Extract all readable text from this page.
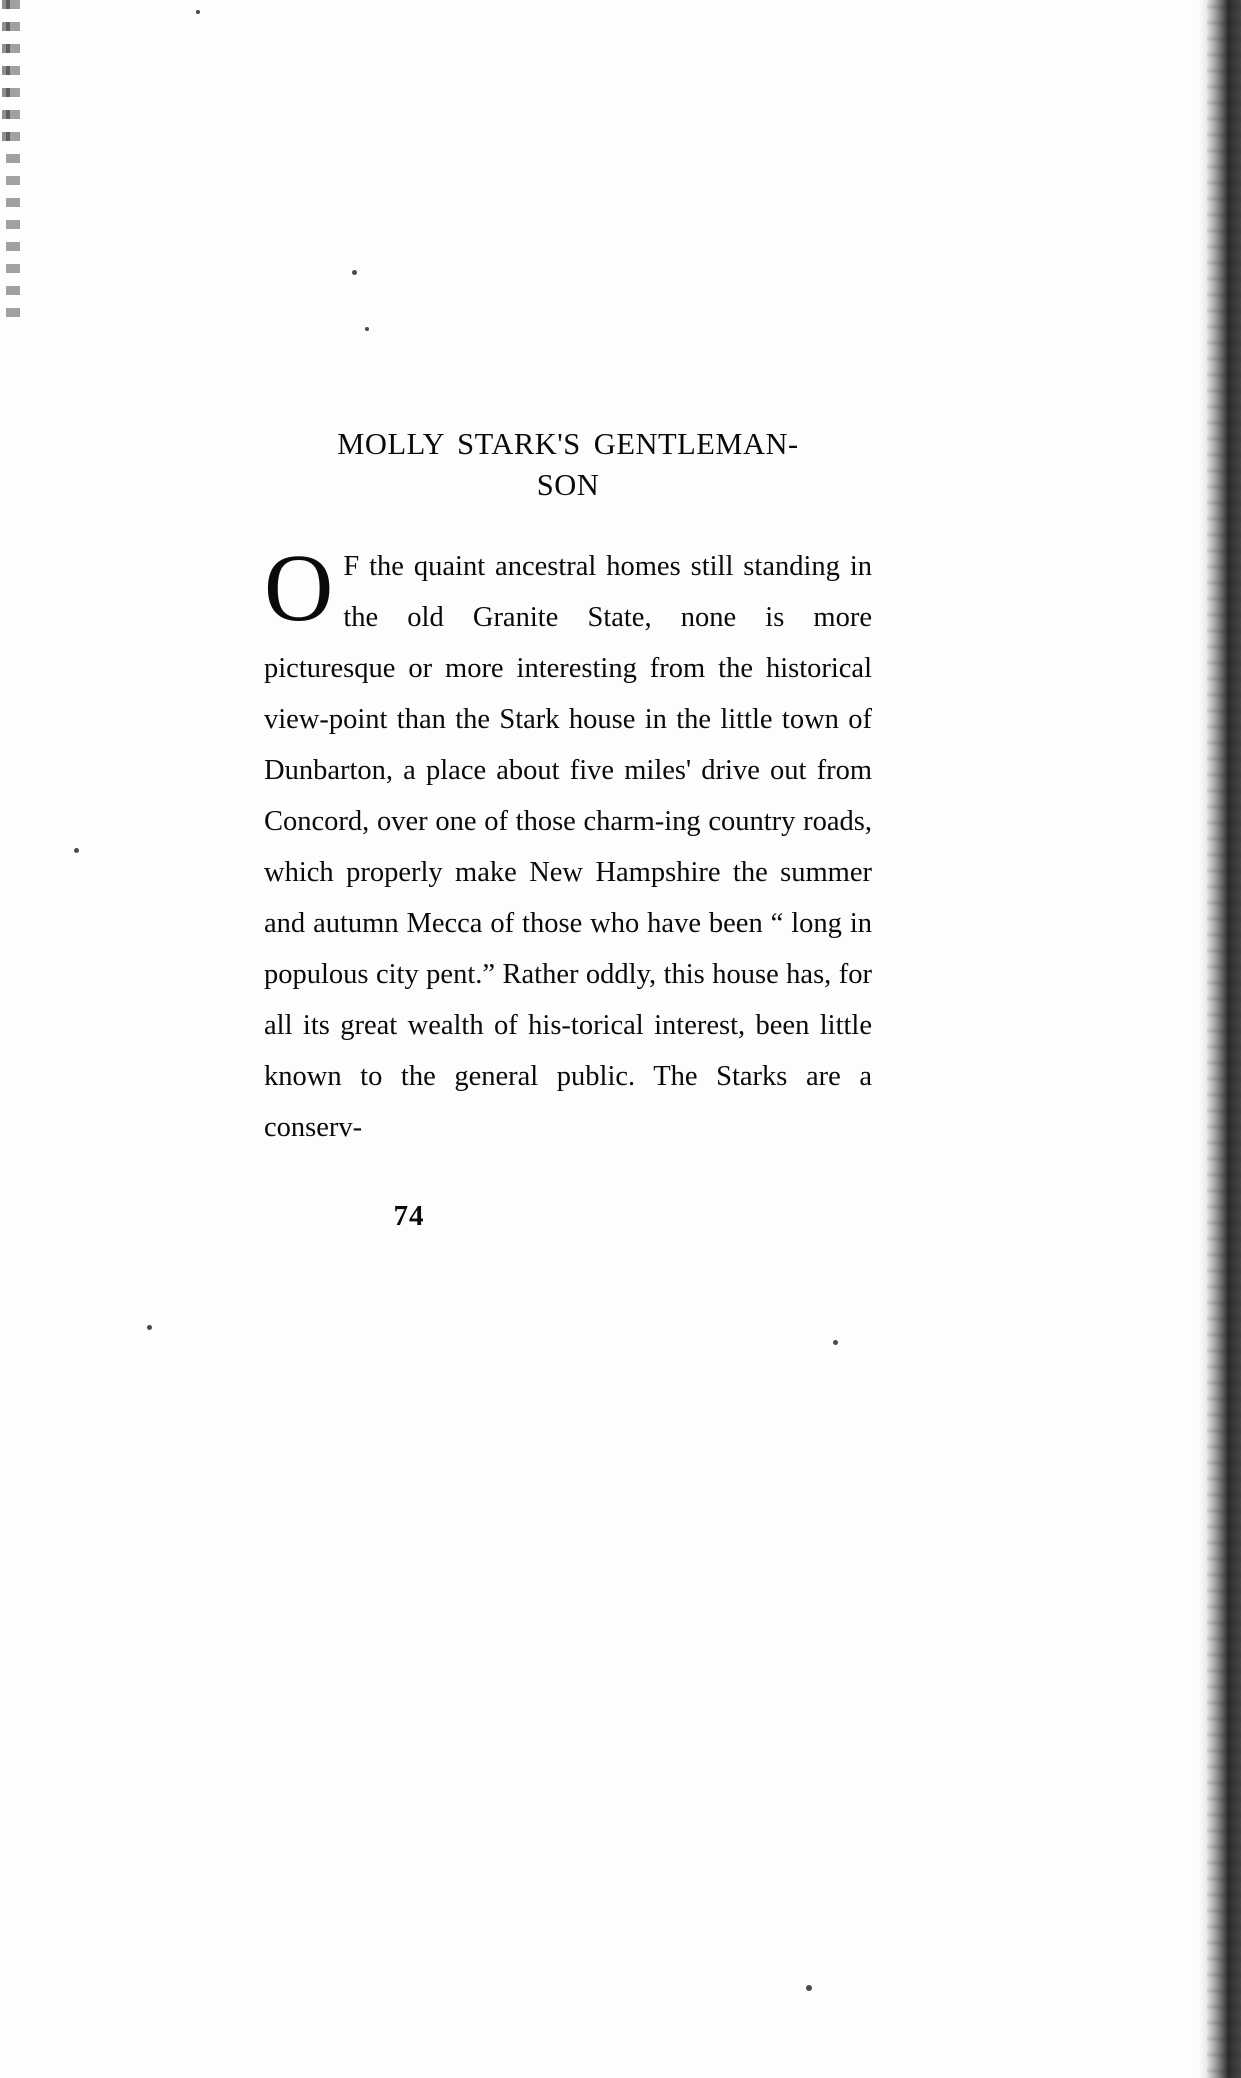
MOLLY STARK'S GENTLEMAN-
SON

O F the quaint ancestral homes still standing in the old Granite State, none is more picturesque or more interesting from the historical view-point than the Stark house in the little town of Dunbarton, a place about five miles' drive out from Concord, over one of those charm-ing country roads, which properly make New Hampshire the summer and autumn Mecca of those who have been “ long in populous city pent.” Rather oddly, this house has, for all its great wealth of his-torical interest, been little known to the general public. The Starks are a conserv-

74
